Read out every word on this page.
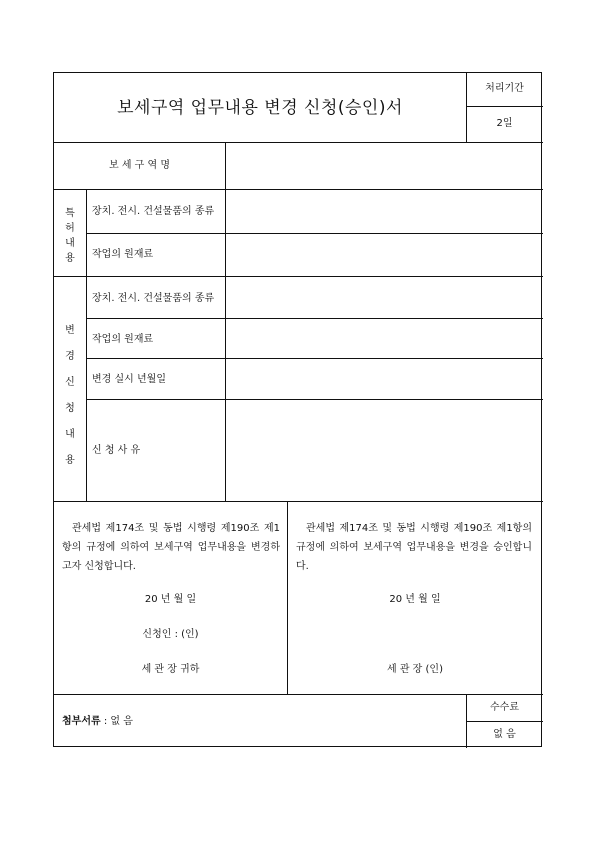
보세구역 업무내용 변경 신청(승인)서
처리기간
2일
보 세 구 역 명
특
허
내
용
장치. 전시. 건설물품의 종류
작업의 원재료
변
경
신
청
내
용
장치. 전시. 건설물품의 종류
작업의 원재료
변경 실시 년월일
신 청 사 유
관세법 제174조 및 동법 시행령 제190조 제1항의 규정에 의하여 보세구역 업무내용을 변경하고자 신청합니다.
20 년 월 일
신청인 : (인)
세 관 장 귀하
관세법 제174조 및 동법 시행령 제190조 제1항의 규정에 의하여 보세구역 업무내용을 변경을 승인합니다.
20 년 월 일
세 관 장 (인)
첨부서류 : 없 음
수수료
없 음
